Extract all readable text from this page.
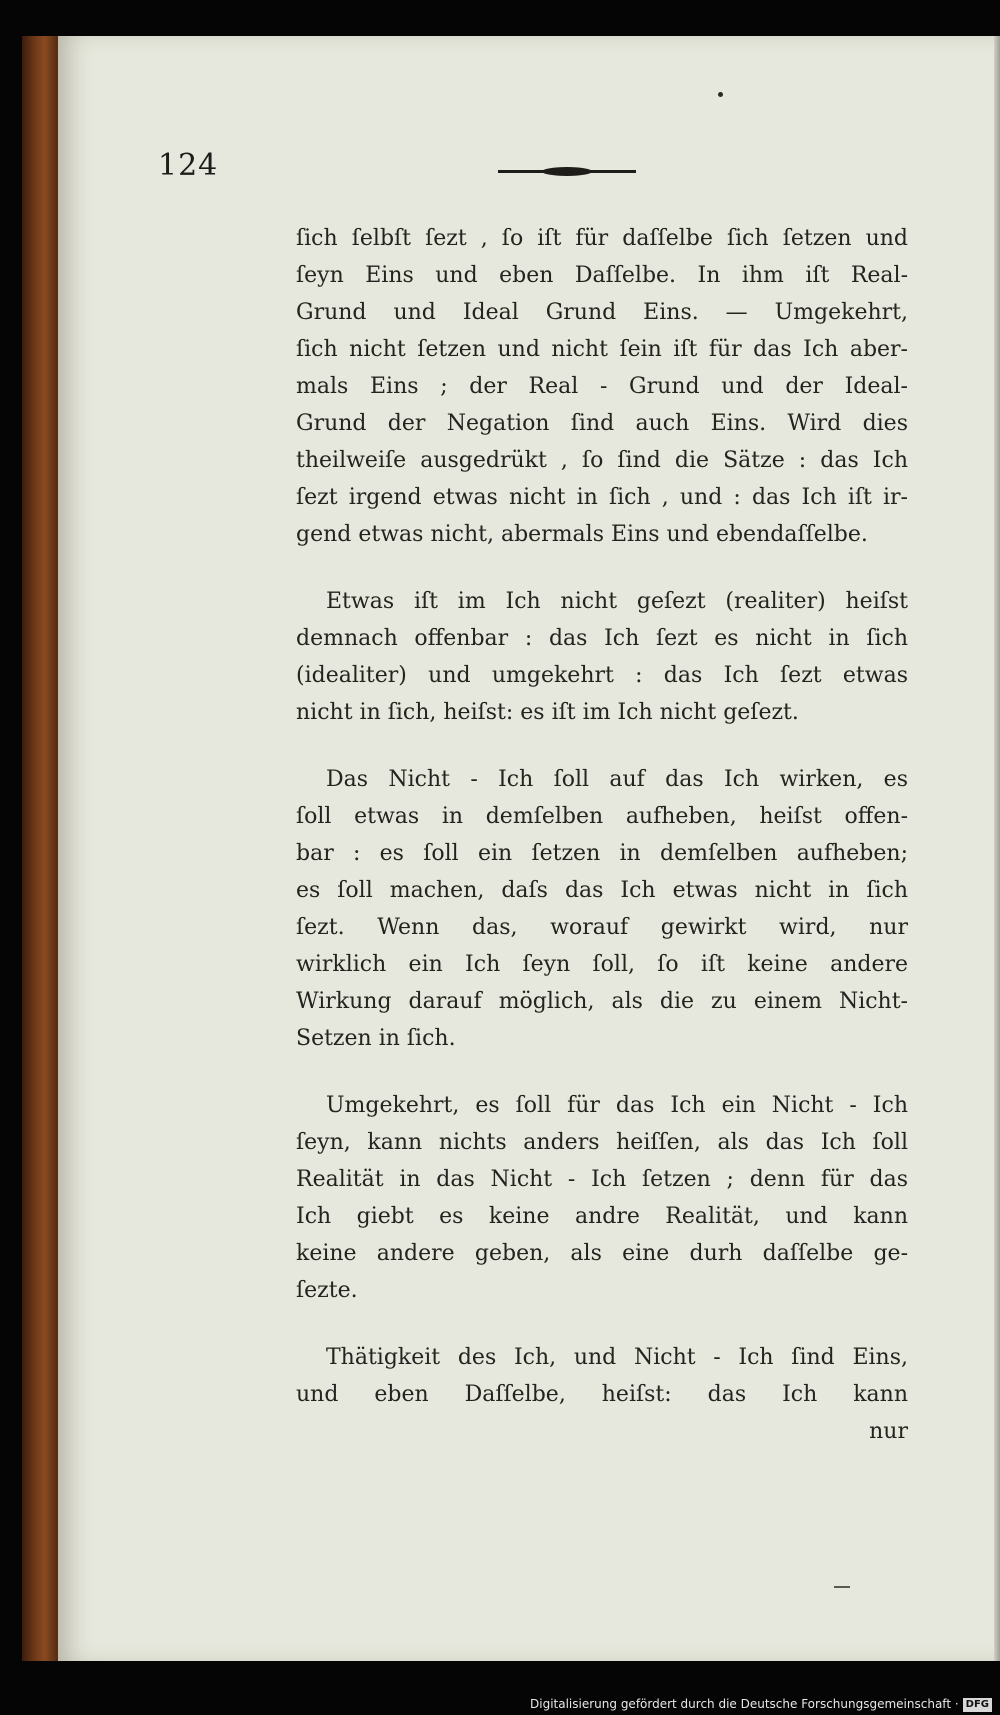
124
ſich ſelbſt ſezt , ſo iſt für daſſelbe ſich ſetzen und
ſeyn Eins und eben Daſſelbe. In ihm iſt Real-
Grund und Ideal Grund Eins. — Umgekehrt,
ſich nicht ſetzen und nicht ſein iſt für das Ich aber-
mals Eins ; der Real - Grund und der Ideal-
Grund der Negation ſind auch Eins. Wird dies
theilweiſe ausgedrükt , ſo ſind die Sätze : das Ich
ſezt irgend etwas nicht in ſich , und : das Ich iſt ir-
gend etwas nicht, abermals Eins und ebendaſſelbe.
Etwas iſt im Ich nicht geſezt (realiter) heiſst
demnach offenbar : das Ich ſezt es nicht in ſich
(idealiter) und umgekehrt : das Ich ſezt etwas
nicht in ſich, heiſst: es iſt im Ich nicht geſezt.
Das Nicht - Ich ſoll auf das Ich wirken, es
ſoll etwas in demſelben aufheben, heiſst offen-
bar : es ſoll ein ſetzen in demſelben aufheben;
es ſoll machen, daſs das Ich etwas nicht in ſich
ſezt. Wenn das, worauf gewirkt wird, nur
wirklich ein Ich ſeyn ſoll, ſo iſt keine andere
Wirkung darauf möglich, als die zu einem Nicht-
Setzen in ſich.
Umgekehrt, es ſoll für das Ich ein Nicht - Ich
ſeyn, kann nichts anders heiſſen, als das Ich ſoll
Realität in das Nicht - Ich ſetzen ; denn für das
Ich giebt es keine andre Realität, und kann
keine andere geben, als eine durh daſſelbe ge-
ſezte.
Thätigkeit des Ich, und Nicht - Ich ſind Eins,
und eben Daſſelbe, heiſst: das Ich kann
nur
Digitalisierung gefördert durch die Deutsche Forschungsgemeinschaft · DFG
